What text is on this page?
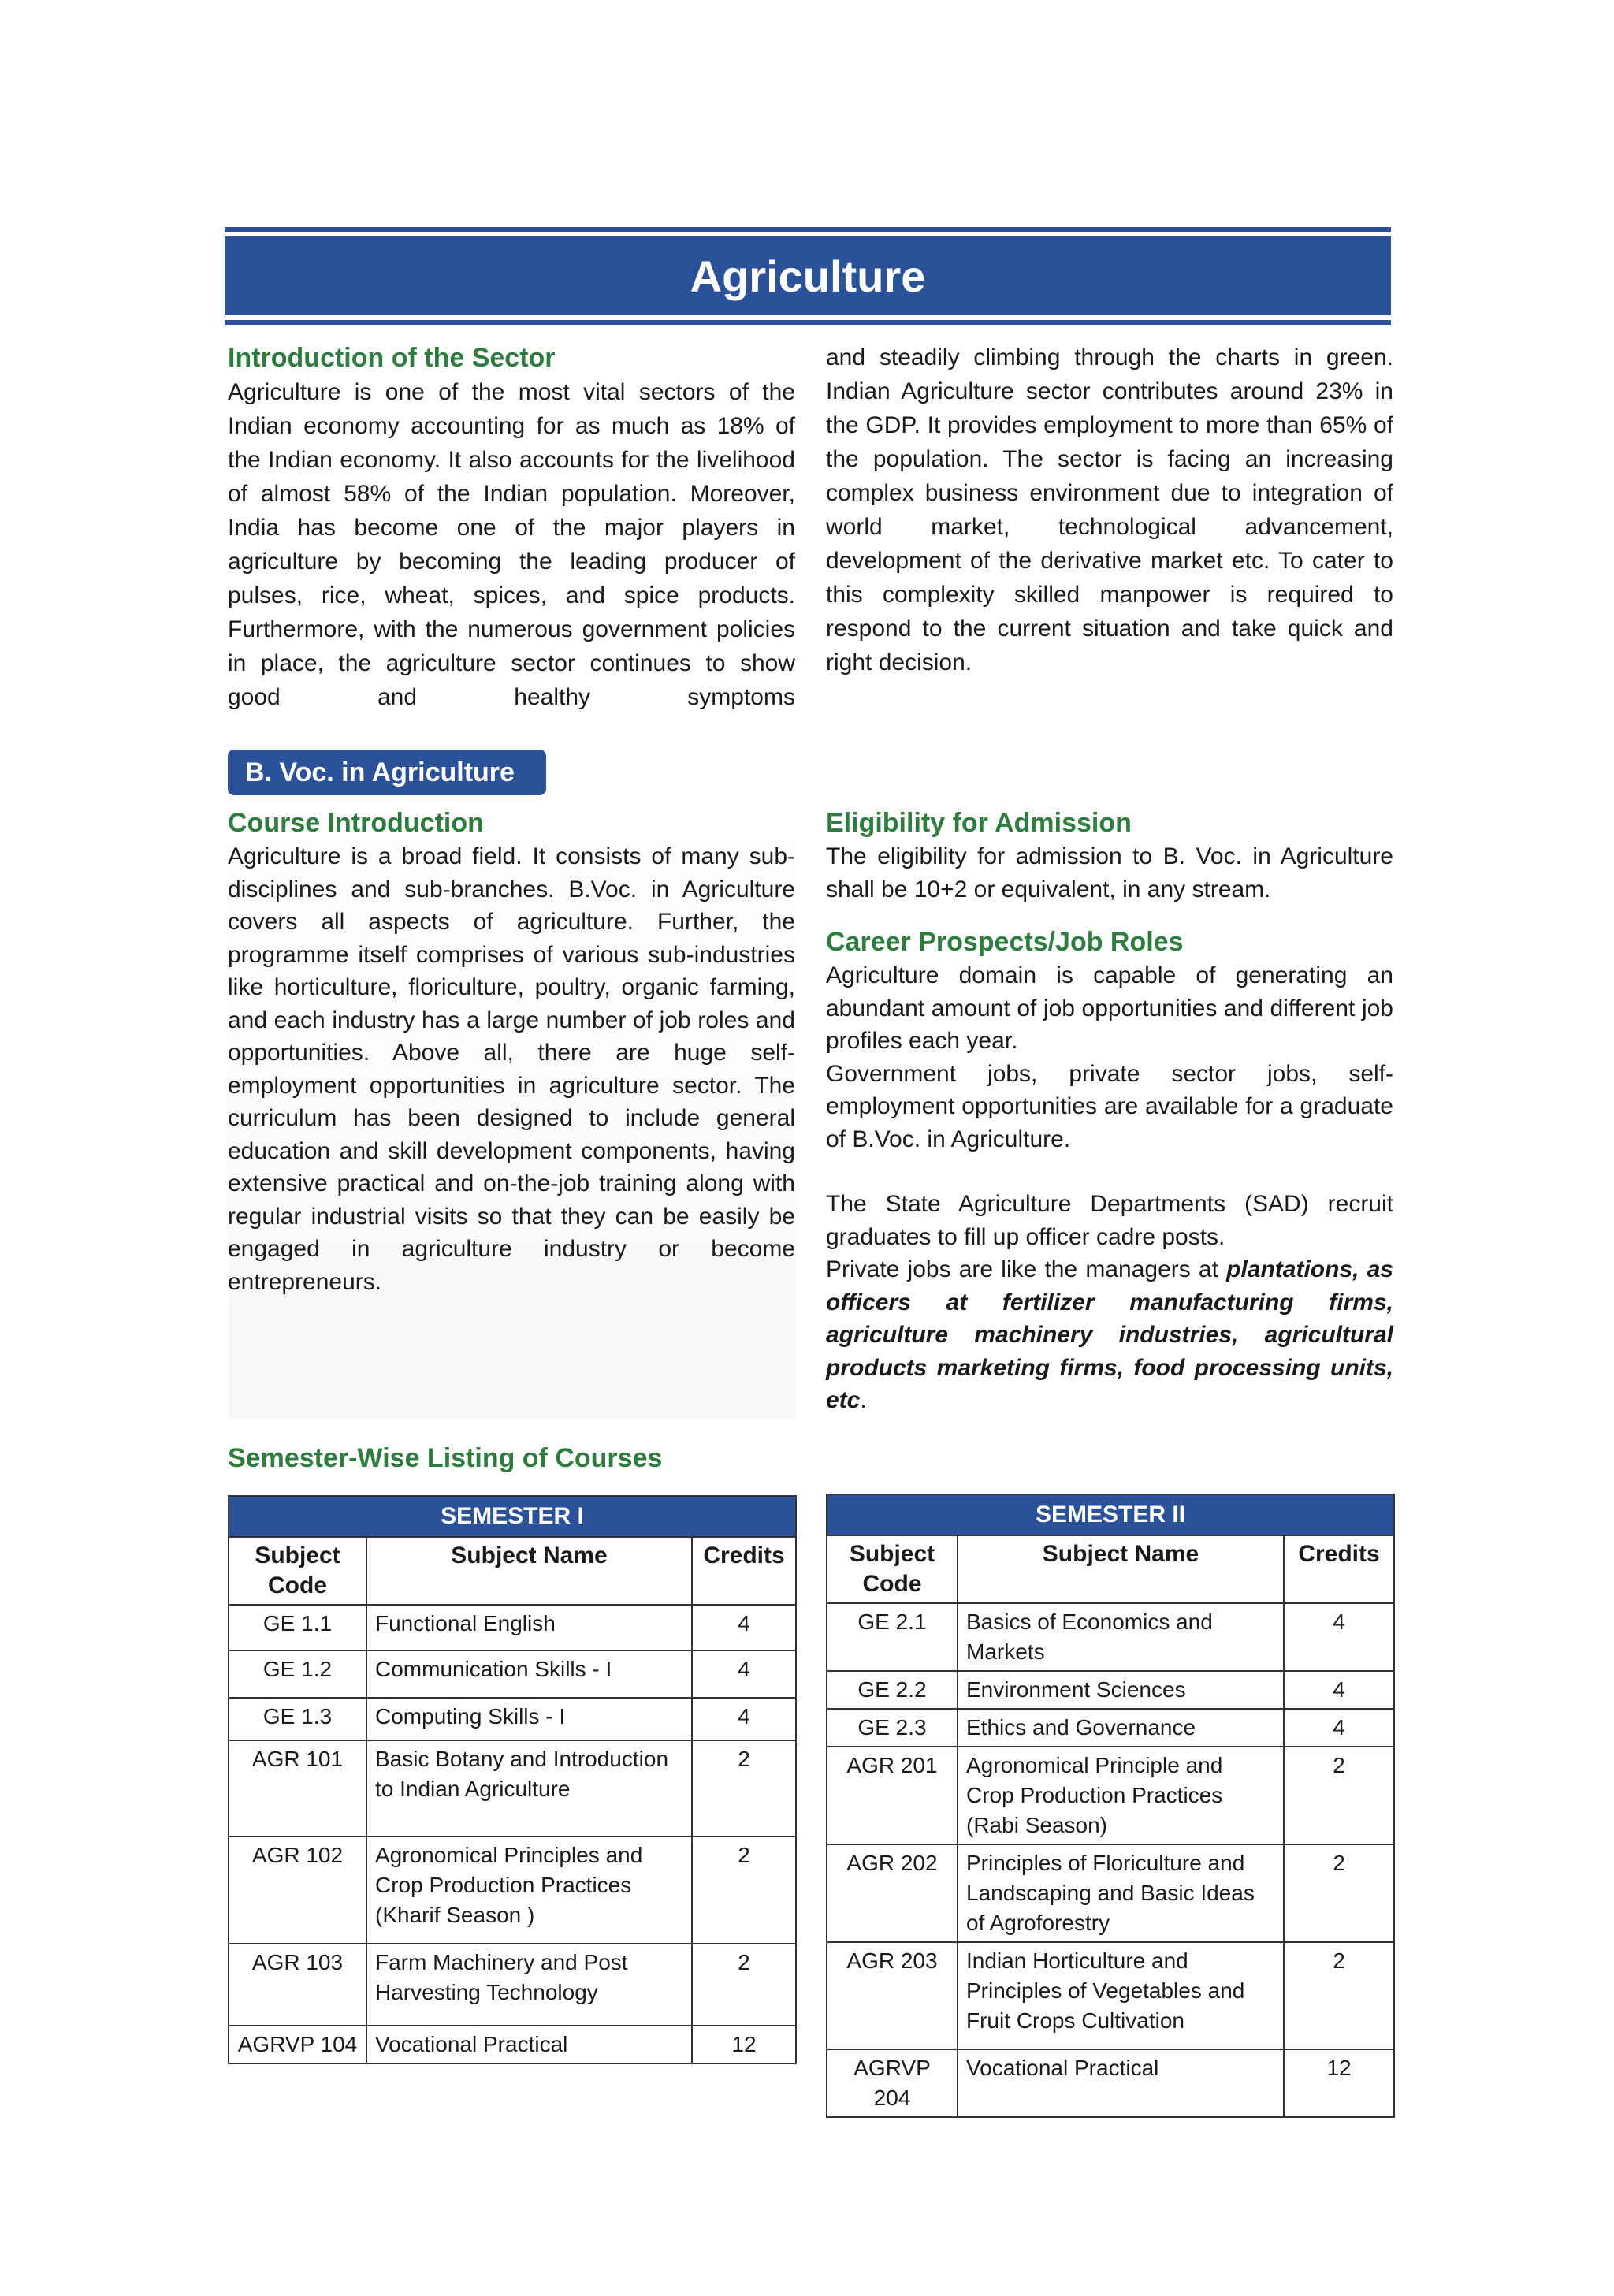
Agriculture
Introduction of the Sector

Agriculture is one of the most vital sectors of the Indian economy accounting for as much as 18% of the Indian economy. It also accounts for the livelihood of almost 58% of the Indian population. Moreover, India has become one of the major players in agriculture by becoming the leading producer of pulses, rice, wheat, spices, and spice products. Furthermore, with the numerous government policies in place, the agriculture sector continues to show good and healthy symptoms

and steadily climbing through the charts in green. Indian Agriculture sector contributes around 23% in the GDP. It provides employment to more than 65% of the population. The sector is facing an increasing complex business environment due to integration of world market, technological advancement, development of the derivative market etc. To cater to this complexity skilled manpower is required to respond to the current situation and take quick and right decision.

B. Voc. in Agriculture
Course Introduction

Agriculture is a broad field. It consists of many sub-disciplines and sub-branches. B.Voc. in Agriculture covers all aspects of agriculture. Further, the programme itself comprises of various sub-industries like horticulture, floriculture, poultry, organic farming, and each industry has a large number of job roles and opportunities. Above all, there are huge self-employment opportunities in agriculture sector. The curriculum has been designed to include general education and skill development components, having extensive practical and on-the-job training along with regular industrial visits so that they can be easily be engaged in agriculture industry or become entrepreneurs.

Eligibility for Admission

The eligibility for admission to B. Voc. in Agriculture shall be 10+2 or equivalent, in any stream.

Career Prospects/Job Roles

Agriculture domain is capable of generating an abundant amount of job opportunities and different job profiles each year.

Government jobs, private sector jobs, self-employment opportunities are available for a graduate of B.Voc. in Agriculture.

The State Agriculture Departments (SAD) recruit graduates to fill up officer cadre posts.

Private jobs are like the managers at plantations, as officers at fertilizer manufacturing firms, agriculture machinery industries, agricultural products marketing firms, food processing units, etc.

Semester-Wise Listing of Courses
SEMESTER I		
Subject Code	Subject Name	Credits
GE 1.1	Functional English	4
GE 1.2	Communication Skills - I	4
GE 1.3	Computing Skills - I	4
AGR 101	Basic Botany and Introduction to Indian Agriculture	2
AGR 102	Agronomical Principles and Crop Production Practices (Kharif Season )	2
AGR 103	Farm Machinery and Post Harvesting Technology	2
AGRVP 104	Vocational Practical	12
SEMESTER II		
Subject Code	Subject Name	Credits
GE 2.1	Basics of Economics and Markets	4
GE 2.2	Environment Sciences	4
GE 2.3	Ethics and Governance	4
AGR 201	Agronomical Principle and Crop Production Practices (Rabi Season)	2
AGR 202	Principles of Floriculture and Landscaping and Basic Ideas of Agroforestry	2
AGR 203	Indian Horticulture and Principles of Vegetables and Fruit Crops Cultivation	2
AGRVP 204	Vocational Practical	12
